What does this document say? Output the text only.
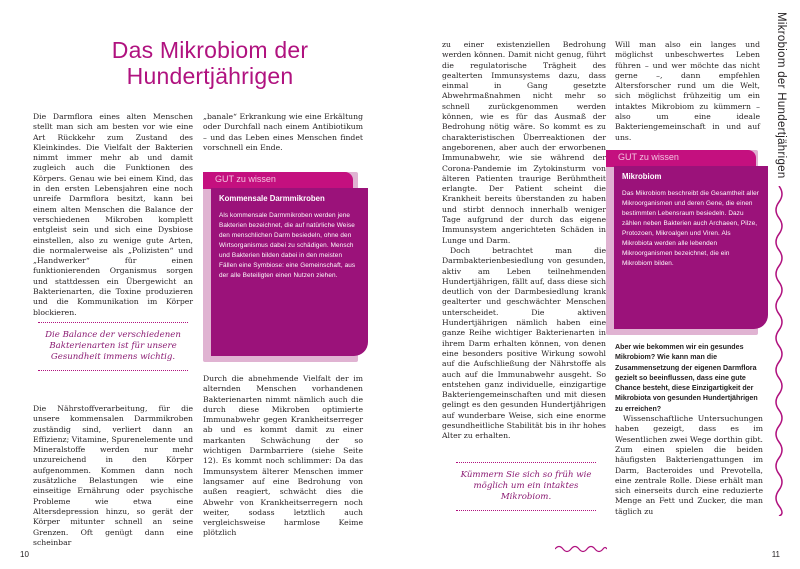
Das Mikrobiom der Hundertjährigen

Die Darmflora eines alten Menschen stellt man sich am besten vor wie eine Art Rückkehr zum Zustand des Kleinkindes. Die Vielfalt der Bakterien nimmt immer mehr ab und damit zugleich auch die Funktionen des Körpers. Genau wie bei einem Kind, das in den ersten Lebensjahren eine noch unreife Darmflora besitzt, kann bei einem alten Menschen die Balance der verschiedenen Mikroben komplett entgleist sein und sich eine Dysbiose einstellen, also zu wenige gute Arten, die normalerweise als „Polizisten“ und „Handwerker“ für einen funktionierenden Organismus sorgen und stattdessen ein Übergewicht an Bakterienarten, die Toxine produzieren und die Kommunikation im Körper blockieren.

Die Balance der verschiedenen Bakterienarten ist für unsere Gesundheit immens wichtig.

Die Nährstoffverarbeitung, für die unsere kommensalen Darmmikroben zuständig sind, verliert dann an Effizienz; Vitamine, Spurenelemente und Mineralstoffe werden nur mehr unzureichend in den Körper aufgenommen. Kommen dann noch zusätzliche Belastungen wie eine einseitige Ernährung oder psychische Probleme wie etwa eine Altersdepression hinzu, so gerät der Körper mitunter schnell an seine Grenzen. Oft genügt dann eine scheinbar

„banale“ Erkrankung wie eine Erkältung oder Durchfall nach einem Antibiotikum – und das Leben eines Menschen findet vorschnell ein Ende.

GUT zu wissen
Kommensale Darmmikroben
Als kommensale Darmmikroben werden jene Bakterien bezeichnet, die auf natürliche Weise den menschlichen Darm besiedeln, ohne den Wirtsorganismus dabei zu schädigen. Mensch und Bakterien bilden dabei in den meisten Fällen eine Symbiose: eine Gemeinschaft, aus der alle Beteiligten einen Nutzen ziehen.

Durch die abnehmende Vielfalt der im alternden Menschen vorhandenen Bakterienarten nimmt nämlich auch die durch diese Mikroben optimierte Immunabwehr gegen Krankheitserreger ab und es kommt damit zu einer markanten Schwächung der so wichtigen Darmbarriere (siehe Seite 12). Es kommt noch schlimmer: Da das Immunsystem älterer Menschen immer langsamer auf eine Bedrohung von außen reagiert, schwächt dies die Abwehr von Krankheitserregern noch weiter, sodass letztlich auch vergleichsweise harmlose Keime plötzlich

10

zu einer existenziellen Bedrohung werden können. Damit nicht genug, führt die regulatorische Trägheit des gealterten Immunsystems dazu, dass einmal in Gang gesetzte Abwehrmaßnahmen nicht mehr so schnell zurückgenommen werden können, wie es für das Ausmaß der Bedrohung nötig wäre. So kommt es zu charakteristischen Überreaktionen der angeborenen, aber auch der erworbenen Immunabwehr, wie sie während der Corona-Pandemie im Zytokinsturm von älteren Patienten traurige Berühmtheit erlangte. Der Patient scheint die Krankheit bereits überstanden zu haben und stirbt dennoch innerhalb weniger Tage aufgrund der durch das eigene Immunsystem angerichteten Schäden in Lunge und Darm.

Doch betrachtet man die Darmbakterienbesiedlung von gesunden, aktiv am Leben teilnehmenden Hundertjährigen, fällt auf, dass diese sich deutlich von der Darmbesiedlung krank gealterter und geschwächter Menschen unterscheidet. Die aktiven Hundertjährigen nämlich haben eine ganze Reihe wichtiger Bakterienarten in ihrem Darm erhalten können, von denen eine besonders positive Wirkung sowohl auf die Aufschließung der Nährstoffe als auch auf die Immunabwehr ausgeht. So entstehen ganz individuelle, einzigartige Bakteriengemeinschaften und mit diesen gelingt es den gesunden Hundertjährigen auf wunderbare Weise, sich eine enorme gesundheitliche Stabilität bis in ihr hohes Alter zu erhalten.

Kümmern Sie sich so früh wie möglich um ein intaktes Mikrobiom.

Will man also ein langes und möglichst unbeschwertes Leben führen – und wer möchte das nicht gerne –, dann empfehlen Altersforscher rund um die Welt, sich möglichst frühzeitig um ein intaktes Mikrobiom zu kümmern – also um eine ideale Bakteriengemeinschaft in und auf uns.

GUT zu wissen
Mikrobiom
Das Mikrobiom beschreibt die Gesamtheit aller Mikroorganismen und deren Gene, die einen bestimmten Lebensraum besiedeln. Dazu zählen neben Bakterien auch Archaeen, Pilze, Protozoen, Mikroalgen und Viren. Als Mikrobiota werden alle lebenden Mikroorganismen bezeichnet, die ein Mikrobiom bilden.

Aber wie bekommen wir ein gesundes Mikrobiom? Wie kann man die Zusammensetzung der eigenen Darmflora gezielt so beeinflussen, dass eine gute Chance besteht, diese Einzigartigkeit der Mikrobiota von gesunden Hundertjährigen zu erreichen?

Wissenschaftliche Untersuchungen haben gezeigt, dass es im Wesentlichen zwei Wege dorthin gibt. Zum einen spielen die beiden häufigsten Bakteriengattungen im Darm, Bacteroides und Prevotella, eine zentrale Rolle. Diese erhält man sich einerseits durch eine reduzierte Menge an Fett und Zucker, die man täglich zu

11
Mikrobiom der Hundertjährigen
